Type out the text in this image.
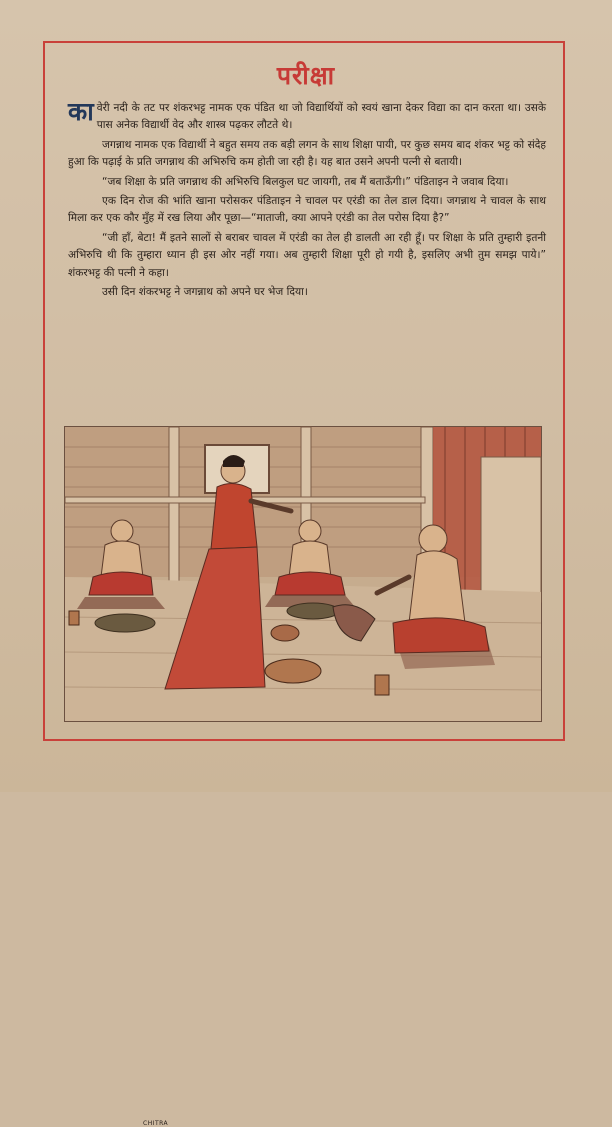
परीक्षा

कावेरी नदी के तट पर शंकरभट्ट नामक एक पंडित था जो विद्यार्थियों को स्वयं खाना देकर विद्या का दान करता था। उसके पास अनेक विद्यार्थी वेद और शास्त्र पढ़कर लौटते थे।

जगन्नाथ नामक एक विद्यार्थी ने बहुत समय तक बड़ी लगन के साथ शिक्षा पायी, पर कुछ समय बाद शंकर भट्ट को संदेह हुआ कि पढ़ाई के प्रति जगन्नाथ की अभिरुचि कम होती जा रही है। यह बात उसने अपनी पत्नी से बतायी।

“जब शिक्षा के प्रति जगन्नाथ की अभिरुचि बिलकुल घट जायगी, तब मैं बताऊँगी।” पंडिताइन ने जवाब दिया।

एक दिन रोज की भांति खाना परोसकर पंडिताइन ने चावल पर एरंडी का तेल डाल दिया। जगन्नाथ ने चावल के साथ मिला कर एक कौर मुँह में रख लिया और पूछा—“माताजी, क्या आपने एरंडी का तेल परोस दिया है?”

“जी हाँ, बेटा! मैं इतने सालों से बराबर चावल में एरंडी का तेल ही डालती आ रही हूँ। पर शिक्षा के प्रति तुम्हारी इतनी अभिरुचि थी कि तुम्हारा ध्यान ही इस ओर नहीं गया। अब तुम्हारी शिक्षा पूरी हो गयी है, इसलिए अभी तुम समझ पाये।” शंकरभट्ट की पत्नी ने कहा।

उसी दिन शंकरभट्ट ने जगन्नाथ को अपने घर भेज दिया।

CHITRA
